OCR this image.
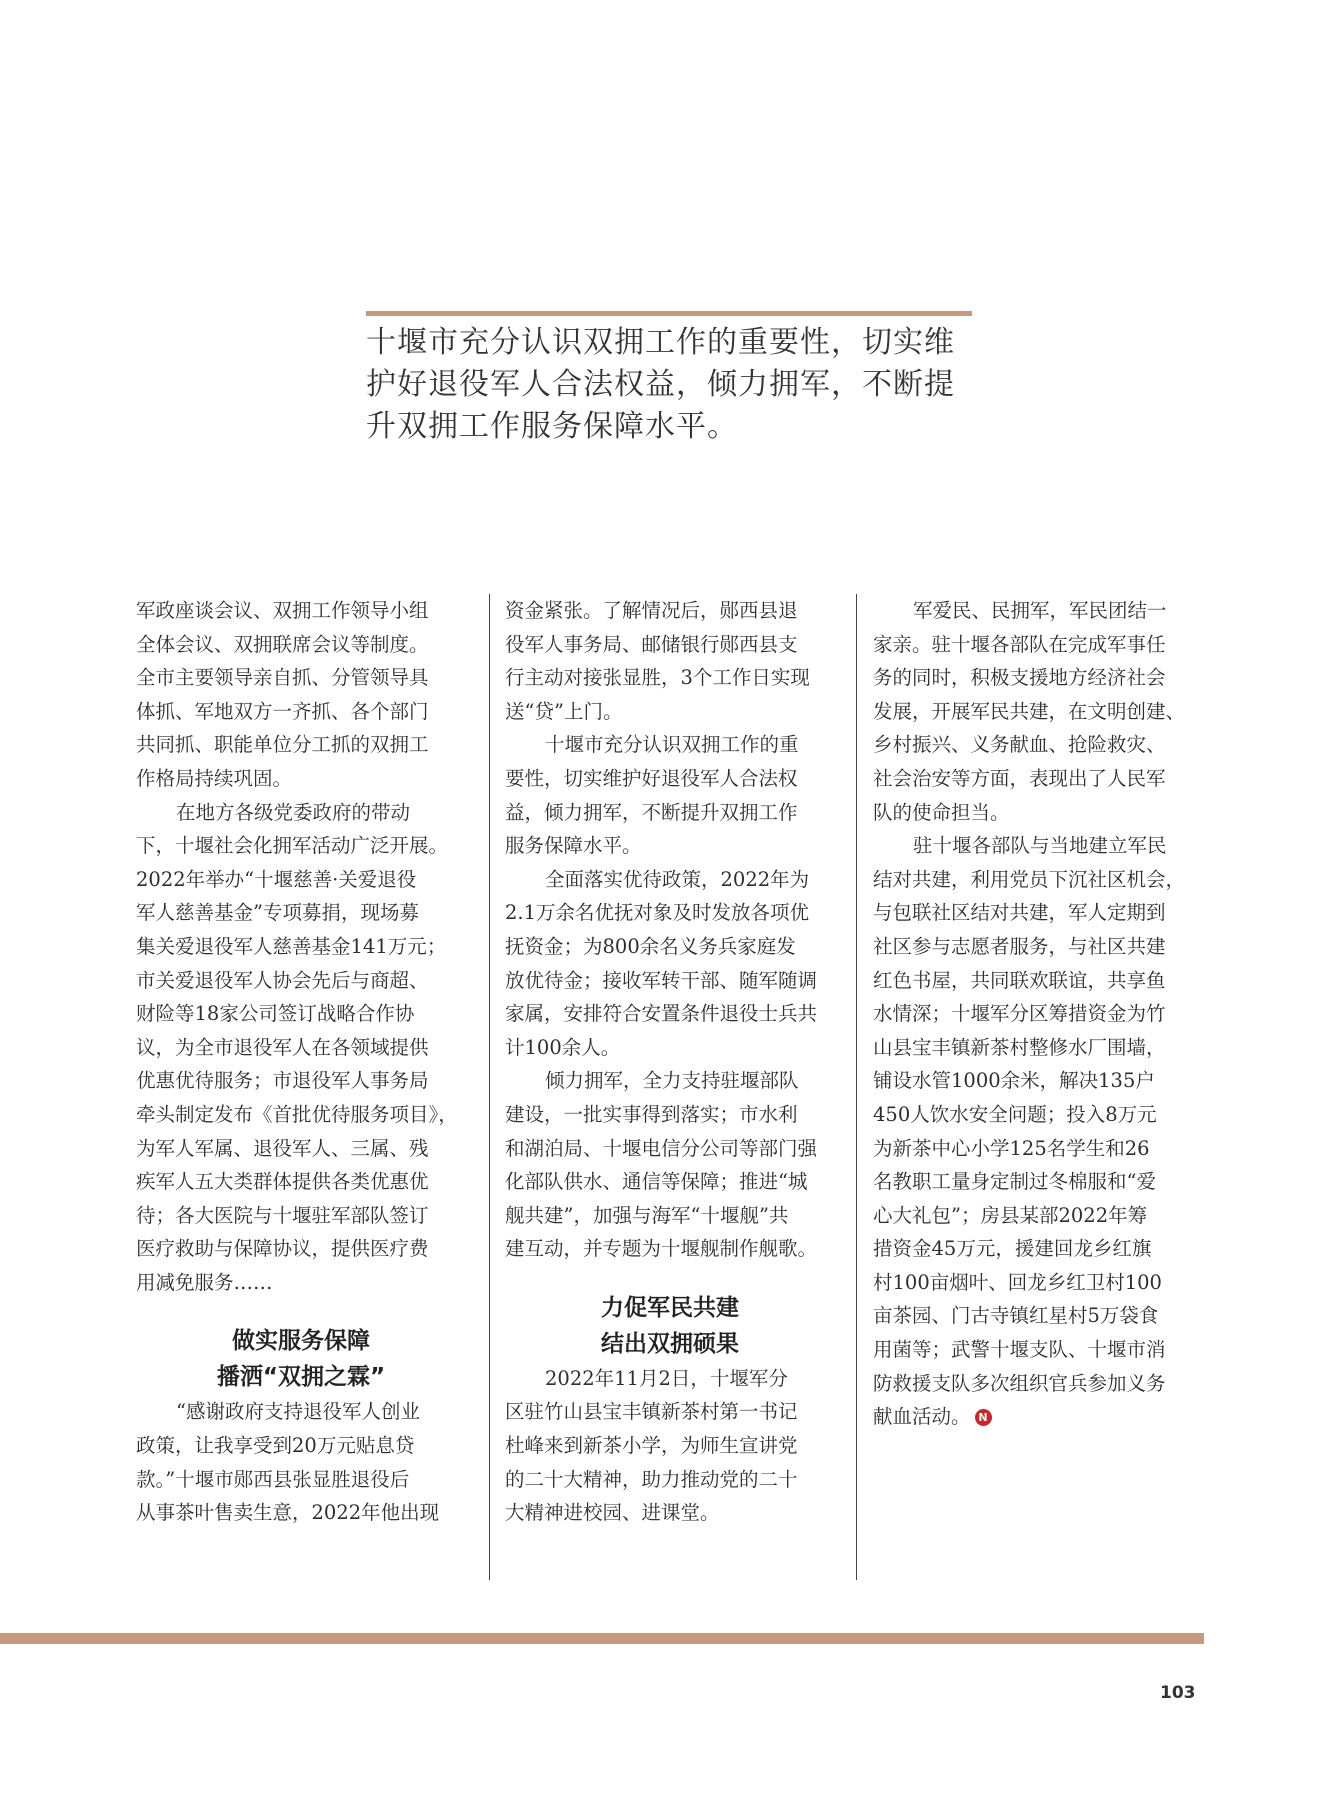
十堰市充分认识双拥工作的重要性，切实维
护好退役军人合法权益，倾力拥军，不断提
升双拥工作服务保障水平。
军政座谈会议、双拥工作领导小组
全体会议、双拥联席会议等制度。
全市主要领导亲自抓、分管领导具
体抓、军地双方一齐抓、各个部门
共同抓、职能单位分工抓的双拥工
作格局持续巩固。
在地方各级党委政府的带动
下，十堰社会化拥军活动广泛开展。
2022年举办“十堰慈善·关爱退役
军人慈善基金”专项募捐，现场募
集关爱退役军人慈善基金141万元；
市关爱退役军人协会先后与商超、
财险等18家公司签订战略合作协
议，为全市退役军人在各领域提供
优惠优待服务；市退役军人事务局
牵头制定发布《首批优待服务项目》，
为军人军属、退役军人、三属、残
疾军人五大类群体提供各类优惠优
待；各大医院与十堰驻军部队签订
医疗救助与保障协议，提供医疗费
用减免服务……
做实服务保障
播洒“双拥之霖”
“感谢政府支持退役军人创业
政策，让我享受到20万元贴息贷
款。”十堰市郧西县张显胜退役后
从事茶叶售卖生意，2022年他出现
资金紧张。了解情况后，郧西县退
役军人事务局、邮储银行郧西县支
行主动对接张显胜，3个工作日实现
送“贷”上门。
十堰市充分认识双拥工作的重
要性，切实维护好退役军人合法权
益，倾力拥军，不断提升双拥工作
服务保障水平。
全面落实优待政策，2022年为
2.1万余名优抚对象及时发放各项优
抚资金；为800余名义务兵家庭发
放优待金；接收军转干部、随军随调
家属，安排符合安置条件退役士兵共
计100余人。
倾力拥军，全力支持驻堰部队
建设，一批实事得到落实；市水利
和湖泊局、十堰电信分公司等部门强
化部队供水、通信等保障；推进“城
舰共建”，加强与海军“十堰舰”共
建互动，并专题为十堰舰制作舰歌。
力促军民共建
结出双拥硕果
2022年11月2日，十堰军分
区驻竹山县宝丰镇新茶村第一书记
杜峰来到新茶小学，为师生宣讲党
的二十大精神，助力推动党的二十
大精神进校园、进课堂。
军爱民、民拥军，军民团结一
家亲。驻十堰各部队在完成军事任
务的同时，积极支援地方经济社会
发展，开展军民共建，在文明创建、
乡村振兴、义务献血、抢险救灾、
社会治安等方面，表现出了人民军
队的使命担当。
驻十堰各部队与当地建立军民
结对共建，利用党员下沉社区机会，
与包联社区结对共建，军人定期到
社区参与志愿者服务，与社区共建
红色书屋，共同联欢联谊，共享鱼
水情深；十堰军分区筹措资金为竹
山县宝丰镇新茶村整修水厂围墙，
铺设水管1000余米，解决135户
450人饮水安全问题；投入8万元
为新茶中心小学125名学生和26
名教职工量身定制过冬棉服和“爱
心大礼包”；房县某部2022年筹
措资金45万元，援建回龙乡红旗
村100亩烟叶、回龙乡红卫村100
亩茶园、门古寺镇红星村5万袋食
用菌等；武警十堰支队、十堰市消
防救援支队多次组织官兵参加义务
献血活动。 N
103
